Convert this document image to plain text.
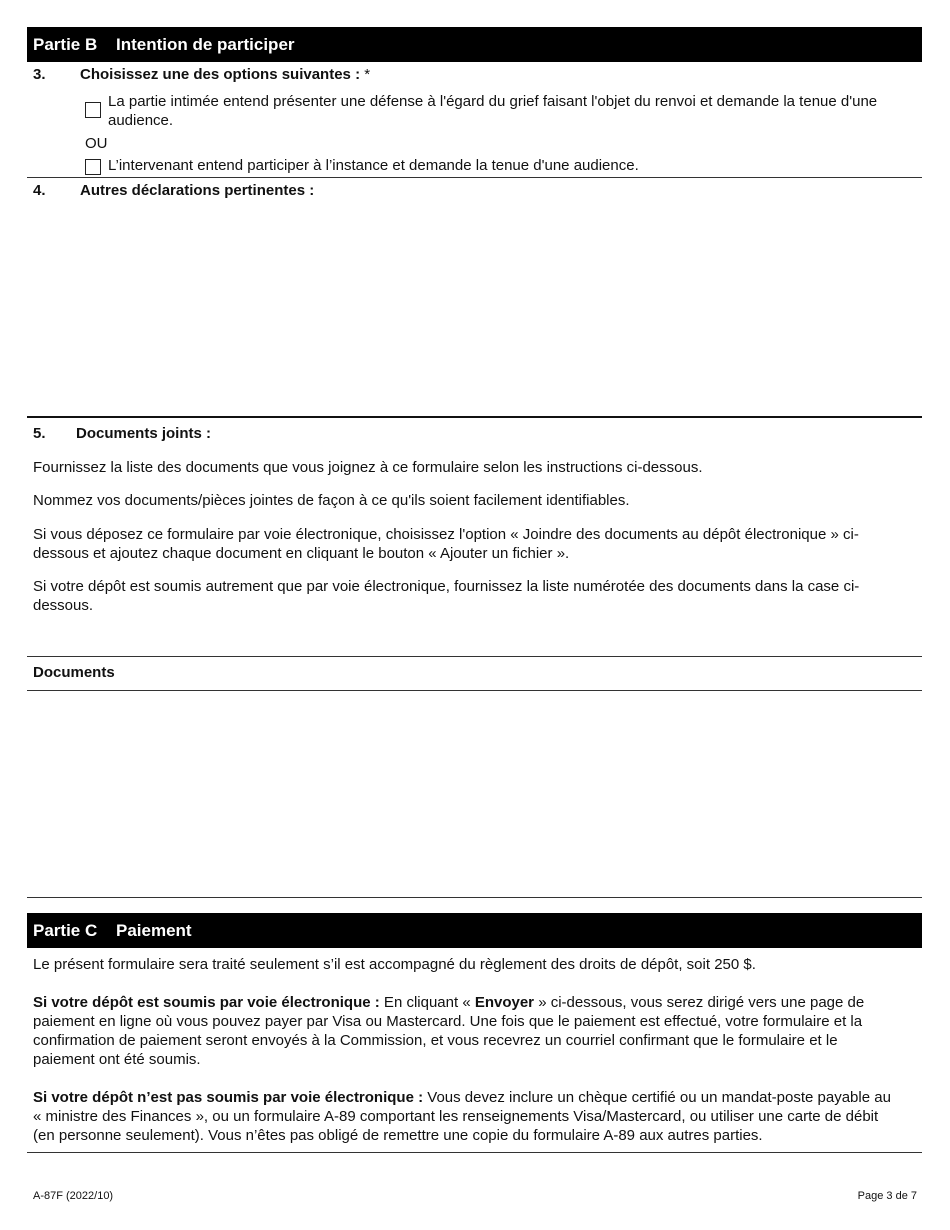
Partie B	Intention de participer
3. Choisissez une des options suivantes : *
La partie intimée entend présenter une défense à l'égard du grief faisant l'objet du renvoi et demande la tenue d'une audience.
OU
L’intervenant entend participer à l’instance et demande la tenue d'une audience.
4. Autres déclarations pertinentes :
5. Documents joints :
Fournissez la liste des documents que vous joignez à ce formulaire selon les instructions ci-dessous.
Nommez vos documents/pièces jointes de façon à ce qu'ils soient facilement identifiables.
Si vous déposez ce formulaire par voie électronique, choisissez l'option « Joindre des documents au dépôt électronique » ci-dessous et ajoutez chaque document en cliquant le bouton « Ajouter un fichier ».
Si votre dépôt est soumis autrement que par voie électronique, fournissez la liste numérotée des documents dans la case ci-dessous.
Documents
Partie C	Paiement
Le présent formulaire sera traité seulement s’il est accompagné du règlement des droits de dépôt, soit 250 $.
Si votre dépôt est soumis par voie électronique : En cliquant « Envoyer » ci-dessous, vous serez dirigé vers une page de paiement en ligne où vous pouvez payer par Visa ou Mastercard. Une fois que le paiement est effectué, votre formulaire et la confirmation de paiement seront envoyés à la Commission, et vous recevrez un courriel confirmant que le formulaire et le paiement ont été soumis.
Si votre dépôt n’est pas soumis par voie électronique : Vous devez inclure un chèque certifié ou un mandat-poste payable au « ministre des Finances », ou un formulaire A-89 comportant les renseignements Visa/Mastercard, ou utiliser une carte de débit (en personne seulement). Vous n’êtes pas obligé de remettre une copie du formulaire A-89 aux autres parties.
A-87F (2022/10)	Page 3 de 7
